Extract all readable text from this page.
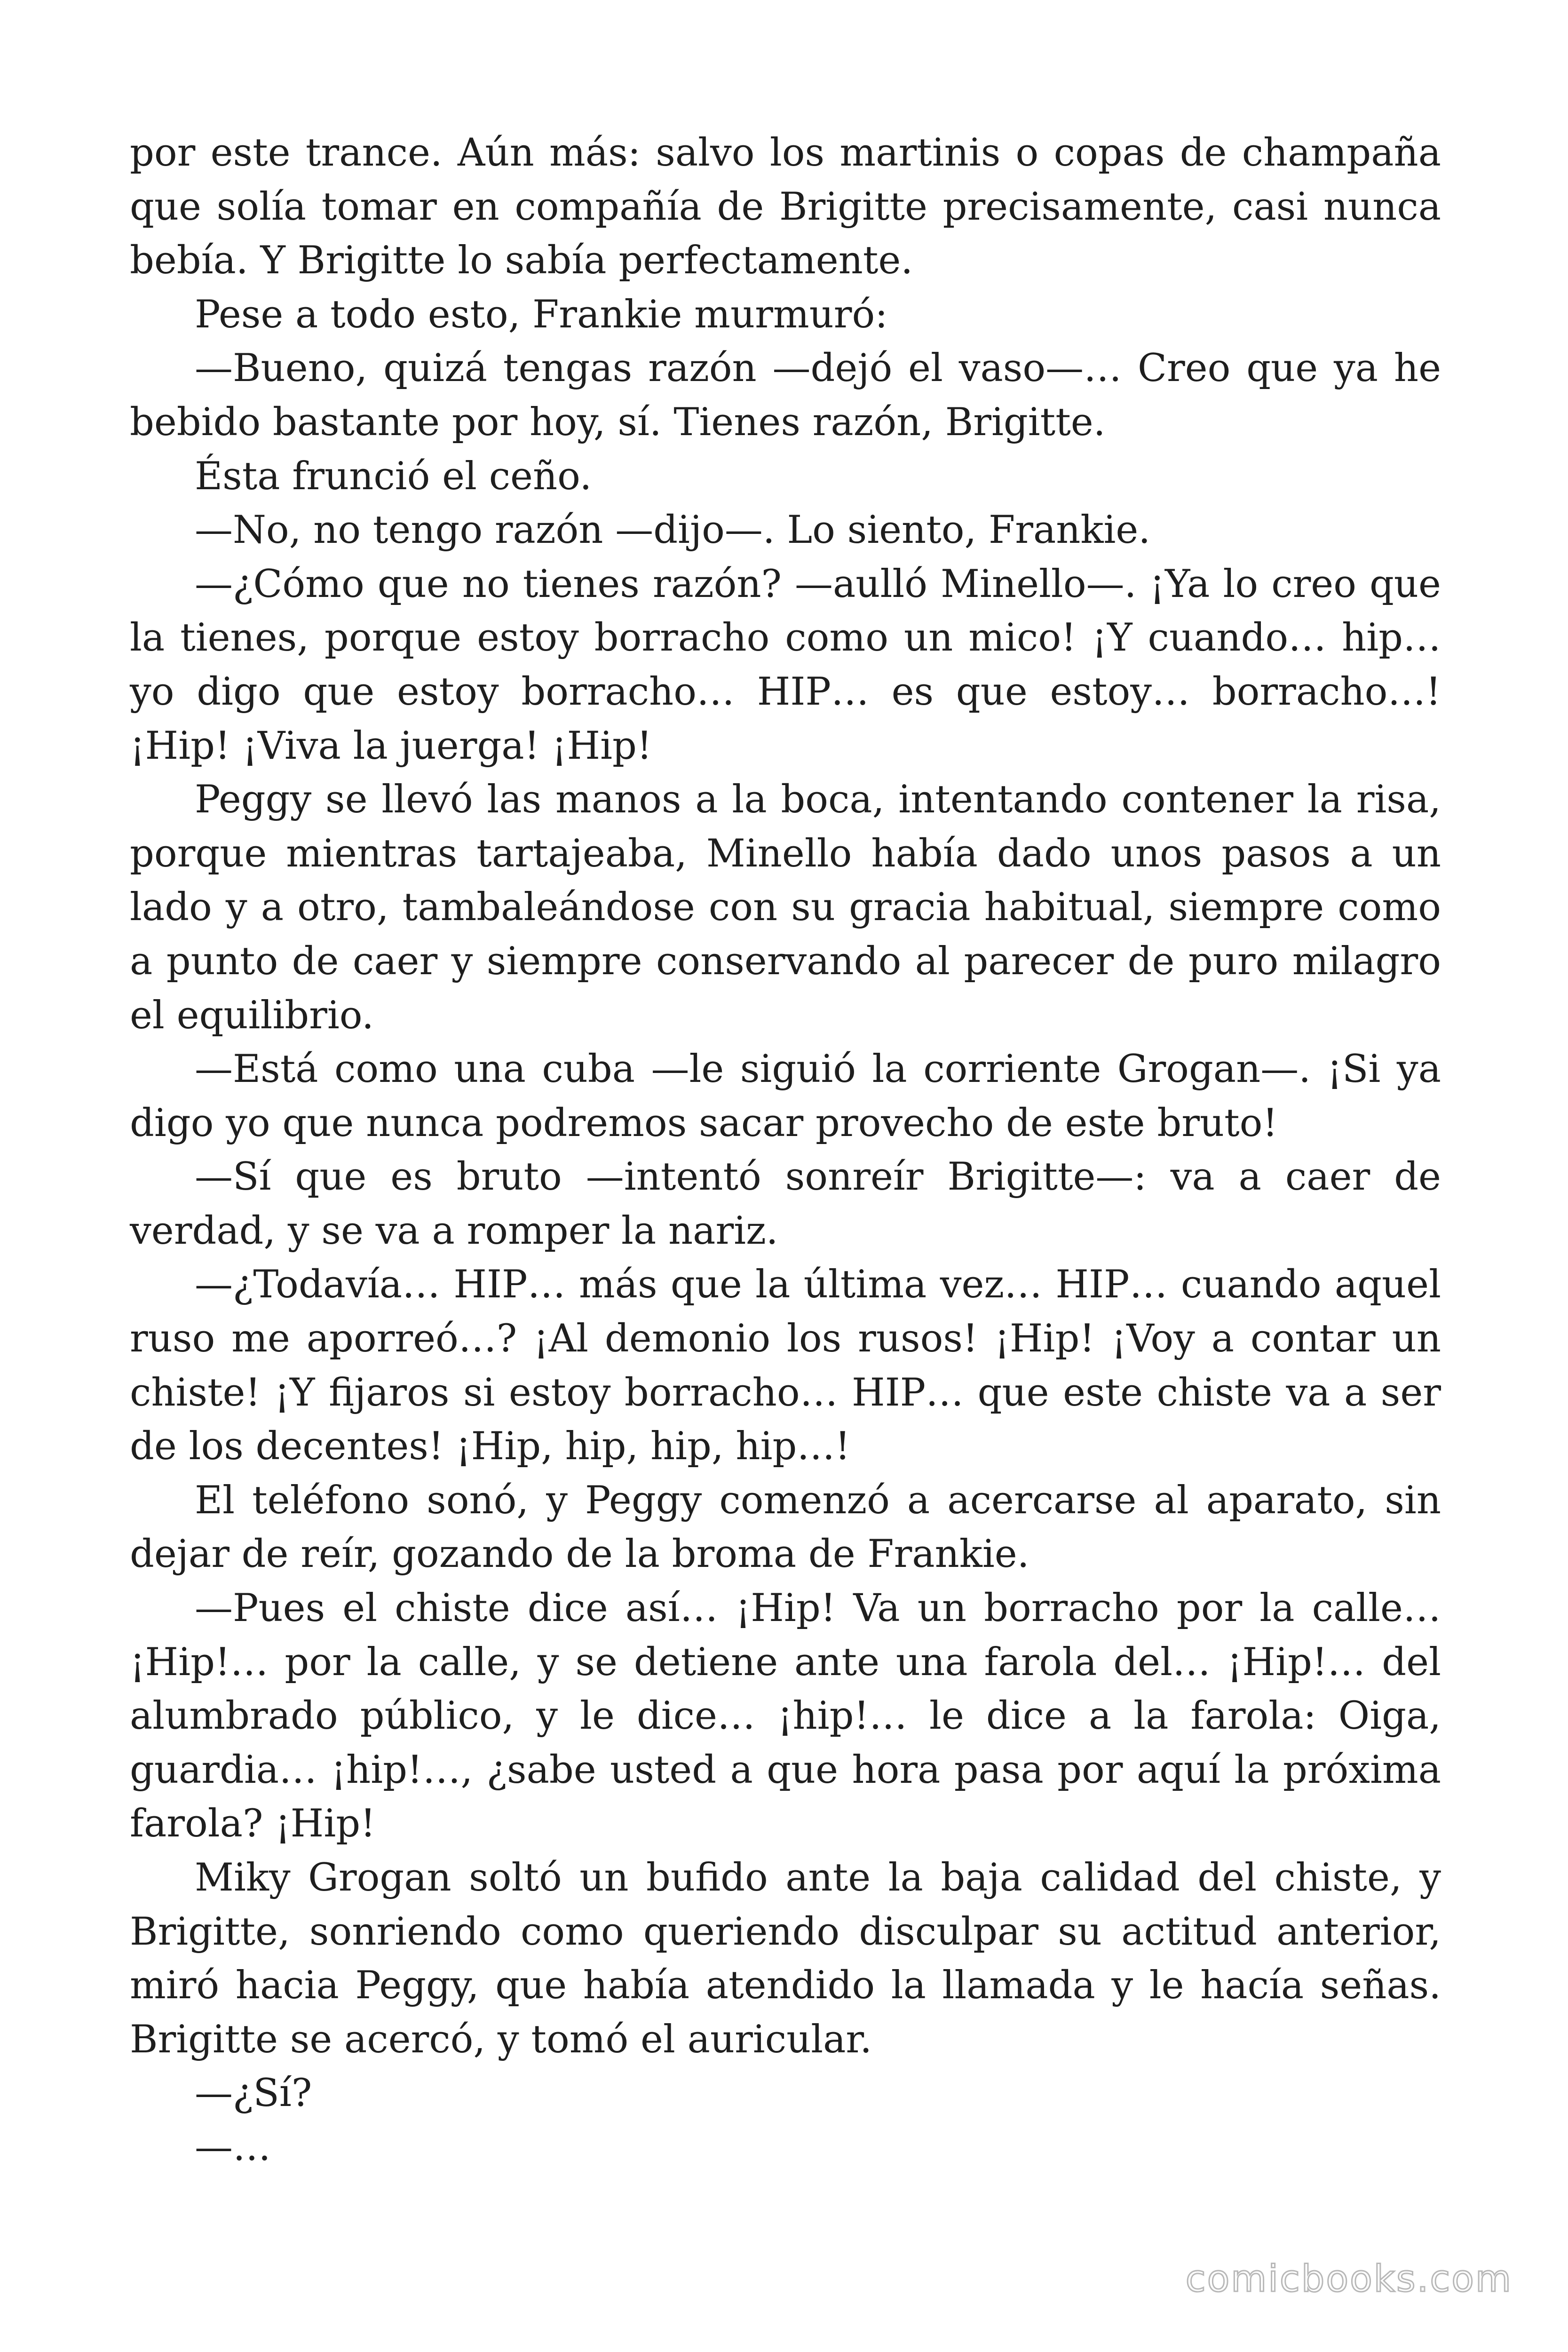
por este trance. Aún más: salvo los martinis o copas de champaña que solía tomar en compañía de Brigitte precisamente, casi nunca bebía. Y Brigitte lo sabía perfectamente.

Pese a todo esto, Frankie murmuró:

—Bueno, quizá tengas razón —dejó el vaso—… Creo que ya he bebido bastante por hoy, sí. Tienes razón, Brigitte.

Ésta frunció el ceño.

—No, no tengo razón —dijo—. Lo siento, Frankie.

—¿Cómo que no tienes razón? —aulló Minello—. ¡Ya lo creo que la tienes, porque estoy borracho como un mico! ¡Y cuando… hip… yo digo que estoy borracho… HIP… es que estoy… borracho…! ¡Hip! ¡Viva la juerga! ¡Hip!

Peggy se llevó las manos a la boca, intentando contener la risa, porque mientras tartajeaba, Minello había dado unos pasos a un lado y a otro, tambaleándose con su gracia habitual, siempre como a punto de caer y siempre conservando al parecer de puro milagro el equilibrio.

—Está como una cuba —le siguió la corriente Grogan—. ¡Si ya digo yo que nunca podremos sacar provecho de este bruto!

—Sí que es bruto —intentó sonreír Brigitte—: va a caer de verdad, y se va a romper la nariz.

—¿Todavía… HIP… más que la última vez… HIP… cuando aquel ruso me aporreó…? ¡Al demonio los rusos! ¡Hip! ¡Voy a contar un chiste! ¡Y fijaros si estoy borracho… HIP… que este chiste va a ser de los decentes! ¡Hip, hip, hip, hip…!

El teléfono sonó, y Peggy comenzó a acercarse al aparato, sin dejar de reír, gozando de la broma de Frankie.

—Pues el chiste dice así… ¡Hip! Va un borracho por la calle… ¡Hip!… por la calle, y se detiene ante una farola del… ¡Hip!… del alumbrado público, y le dice… ¡hip!… le dice a la farola: Oiga, guardia… ¡hip!…, ¿sabe usted a que hora pasa por aquí la próxima farola? ¡Hip!

Miky Grogan soltó un bufido ante la baja calidad del chiste, y Brigitte, sonriendo como queriendo disculpar su actitud anterior, miró hacia Peggy, que había atendido la llamada y le hacía señas. Brigitte se acercó, y tomó el auricular.

—¿Sí?

—…

comicbooks.com
